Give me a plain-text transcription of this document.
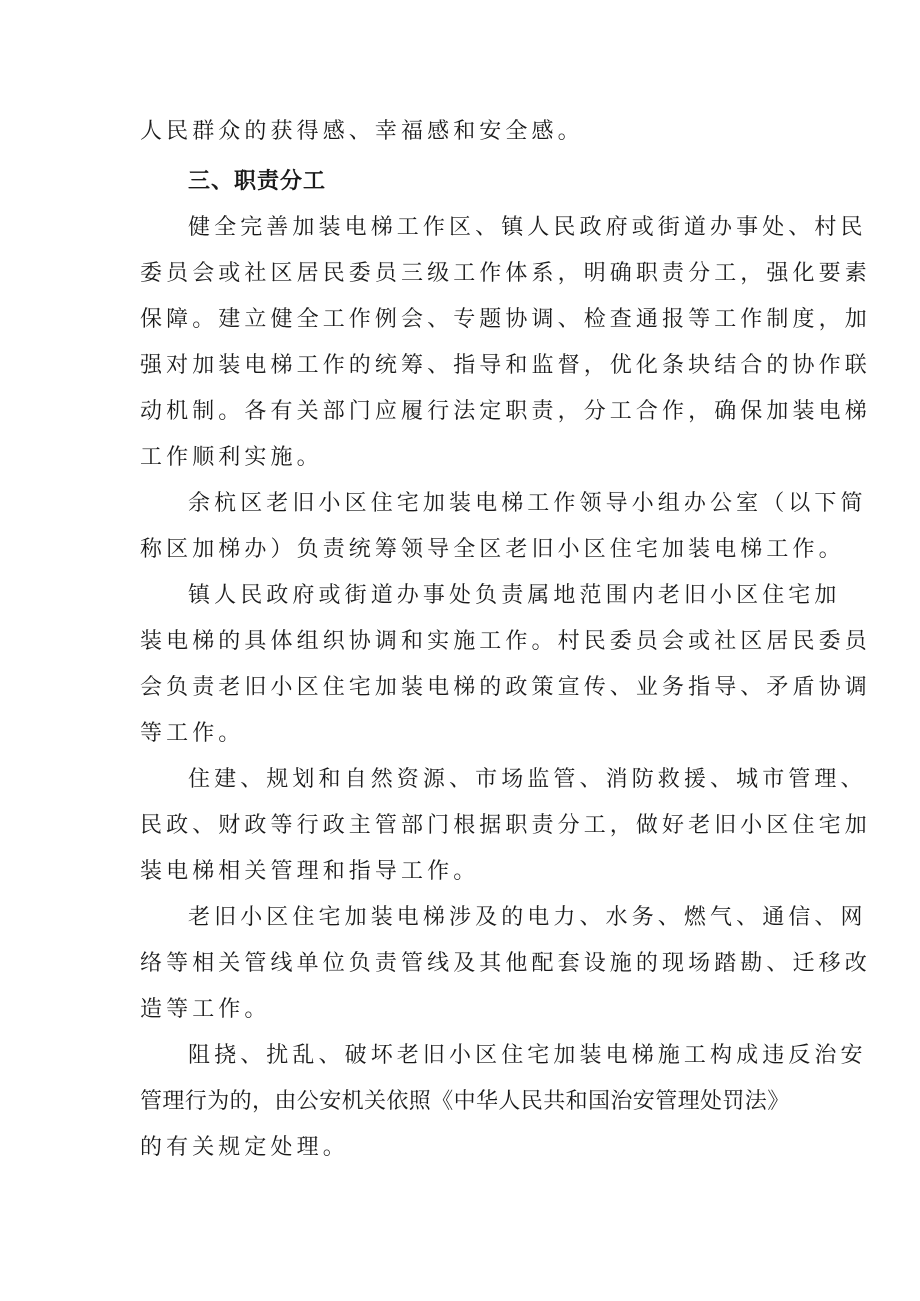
人民群众的获得感、幸福感和安全感。
三、职责分工
健全完善加装电梯工作区、镇人民政府或街道办事处、村民
委员会或社区居民委员三级工作体系，明确职责分工，强化要素
保障。建立健全工作例会、专题协调、检查通报等工作制度，加
强对加装电梯工作的统筹、指导和监督，优化条块结合的协作联
动机制。各有关部门应履行法定职责，分工合作，确保加装电梯
工作顺利实施。
余杭区老旧小区住宅加装电梯工作领导小组办公室（以下简
称区加梯办）负责统筹领导全区老旧小区住宅加装电梯工作。
镇人民政府或街道办事处负责属地范围内老旧小区住宅加
装电梯的具体组织协调和实施工作。村民委员会或社区居民委员
会负责老旧小区住宅加装电梯的政策宣传、业务指导、矛盾协调
等工作。
住建、规划和自然资源、市场监管、消防救援、城市管理、
民政、财政等行政主管部门根据职责分工，做好老旧小区住宅加
装电梯相关管理和指导工作。
老旧小区住宅加装电梯涉及的电力、水务、燃气、通信、网
络等相关管线单位负责管线及其他配套设施的现场踏勘、迁移改
造等工作。
阻挠、扰乱、破坏老旧小区住宅加装电梯施工构成违反治安
管理行为的，由公安机关依照《中华人民共和国治安管理处罚法》
的有关规定处理。
